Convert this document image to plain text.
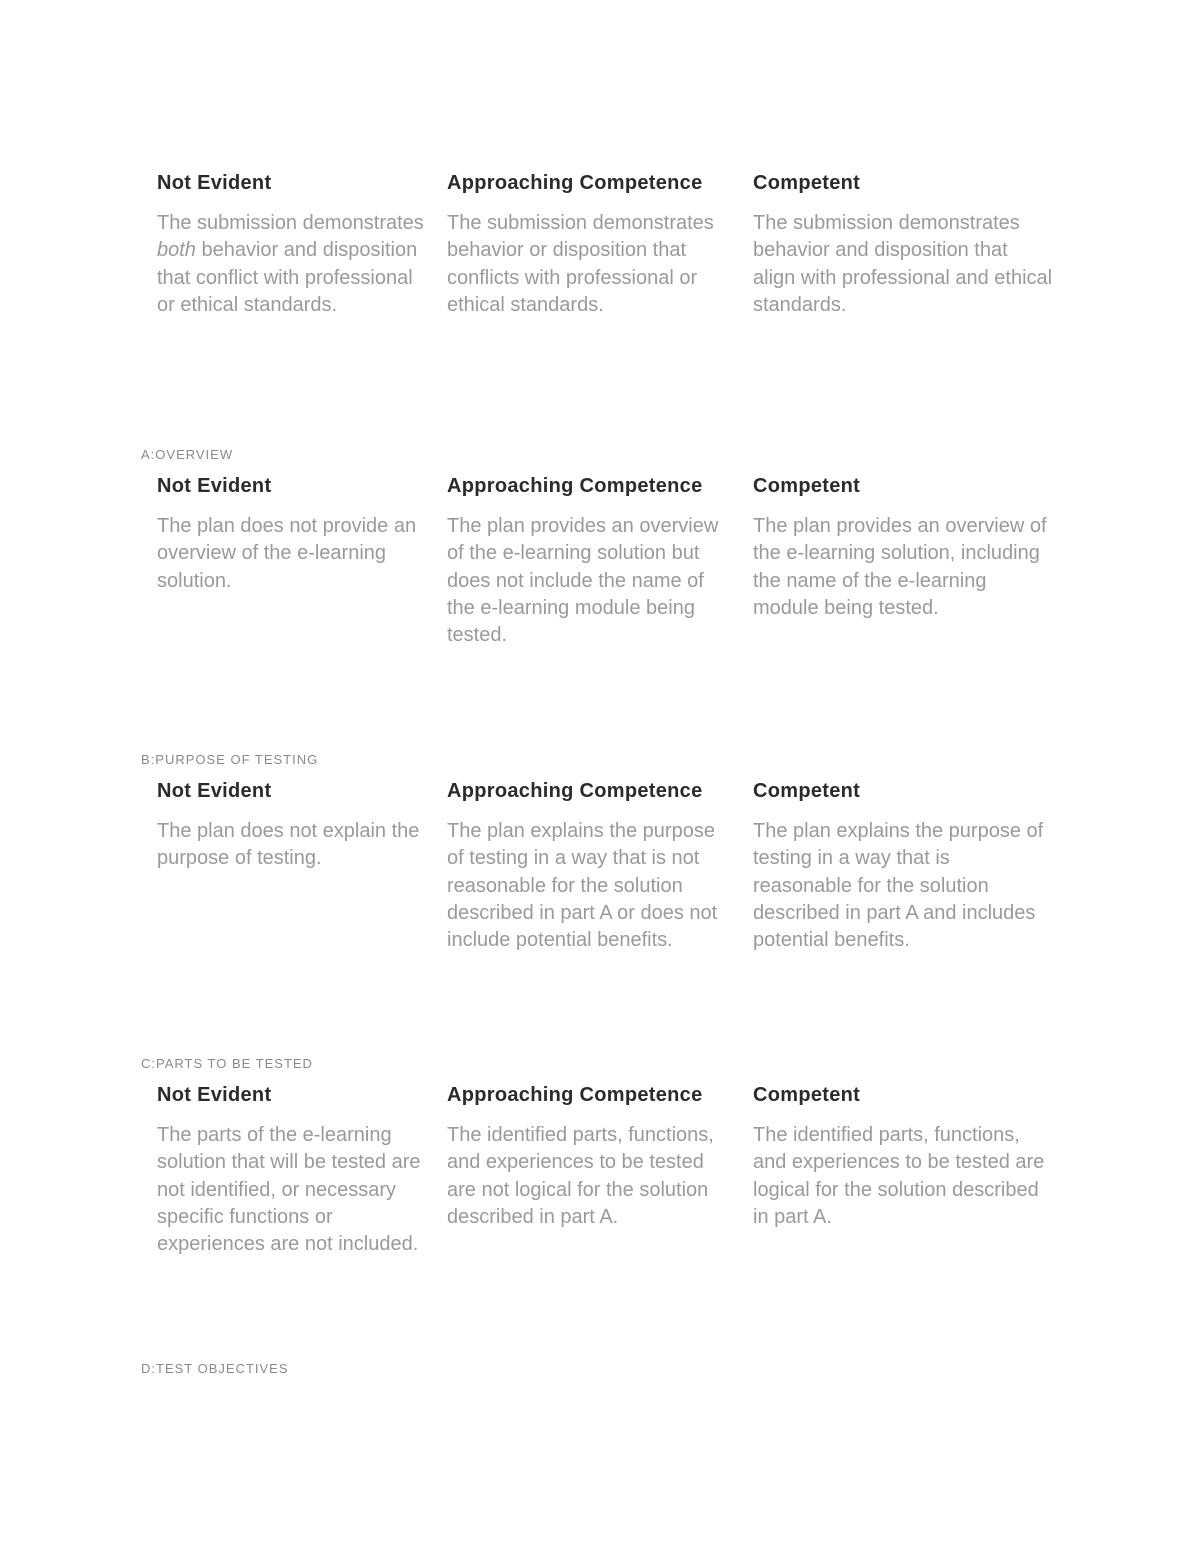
Not Evident
The submission demonstrates both behavior and disposition that conflict with professional or ethical standards.
Approaching Competence
The submission demonstrates behavior or disposition that conflicts with professional or ethical standards.
Competent
The submission demonstrates behavior and disposition that align with professional and ethical standards.
A:OVERVIEW
Not Evident
The plan does not provide an overview of the e-learning solution.
Approaching Competence
The plan provides an overview of the e-learning solution but does not include the name of the e-learning module being tested.
Competent
The plan provides an overview of the e-learning solution, including the name of the e-learning module being tested.
B:PURPOSE OF TESTING
Not Evident
The plan does not explain the purpose of testing.
Approaching Competence
The plan explains the purpose of testing in a way that is not reasonable for the solution described in part A or does not include potential benefits.
Competent
The plan explains the purpose of testing in a way that is reasonable for the solution described in part A and includes potential benefits.
C:PARTS TO BE TESTED
Not Evident
The parts of the e-learning solution that will be tested are not identified, or necessary specific functions or experiences are not included.
Approaching Competence
The identified parts, functions, and experiences to be tested are not logical for the solution described in part A.
Competent
The identified parts, functions, and experiences to be tested are logical for the solution described in part A.
D:TEST OBJECTIVES
